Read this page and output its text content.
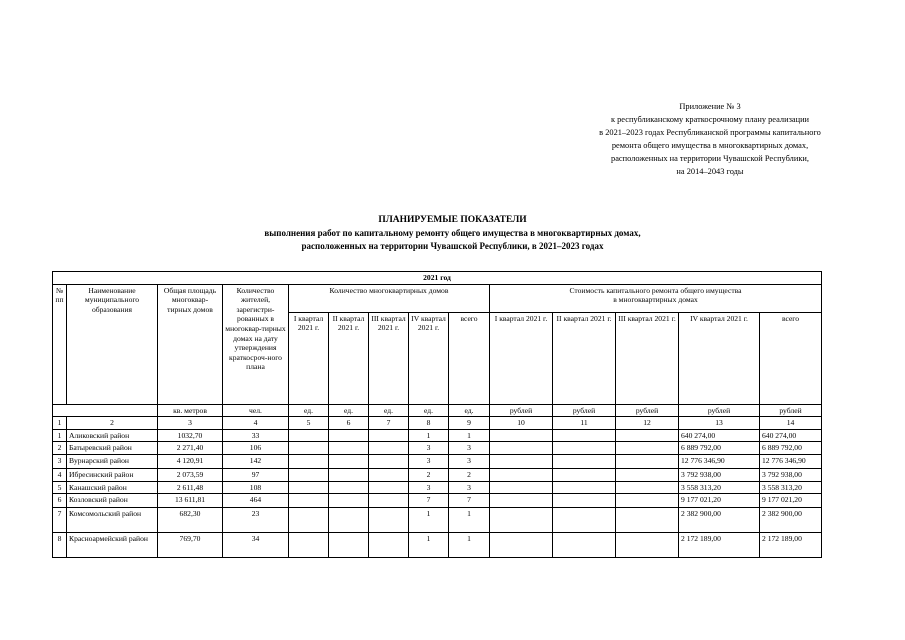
Приложение № 3
к республиканскому краткосрочному плану реализации
в 2021–2023 годах Республиканской программы капитального
ремонта общего имущества в многоквартирных домах,
расположенных на территории Чувашской Республики,
на 2014–2043 годы
ПЛАНИРУЕМЫЕ ПОКАЗАТЕЛИ
выполнения работ по капитальному ремонту общего имущества в многоквартирных домах,
расположенных на территории Чувашской Республики, в 2021–2023 годах
2021 год													
№ пп	Наименование муниципального образования	Общая площадь многоквар-тирных домов	Количество жителей, зарегистри-рованных в многоквар-тирных домах на дату утверждения краткосроч-ного плана	Количество многоквартирных домов					Стоимость капитального ремонта общего имущества
в многоквартирных домах				

				I квартал 2021 г.	II квартал 2021 г.	III квартал 2021 г.	IV квартал 2021 г.	всего	I квартал 2021 г.	II квартал 2021 г.	III квартал 2021 г.	IV квартал 2021 г.	всего
		кв. метров	чел.	ед.	ед.	ед.	ед.	ед.	рублей	рублей	рублей	рублей	рублей
1	2	3	4	5	6	7	8	9	10	11	12	13	14
1	Аликовский район	1032,70	33				1	1				640 274,00	640 274,00
2	Батыревский район	2 271,40	106				3	3				6 889 792,00	6 889 792,00
3	Вурнарский район	4 120,91	142				3	3				12 776 346,90	12 776 346,90
4	Ибресинский район	2 073,59	97				2	2				3 792 938,00	3 792 938,00
5	Канашский район	2 611,48	108				3	3				3 558 313,20	3 558 313,20
6	Козловский район	13 611,81	464				7	7				9 177 021,20	9 177 021,20
7	Комсомольский район	682,30	23				1	1				2 382 900,00	2 382 900,00
8	Красноармейский район	769,70	34				1	1				2 172 189,00	2 172 189,00
